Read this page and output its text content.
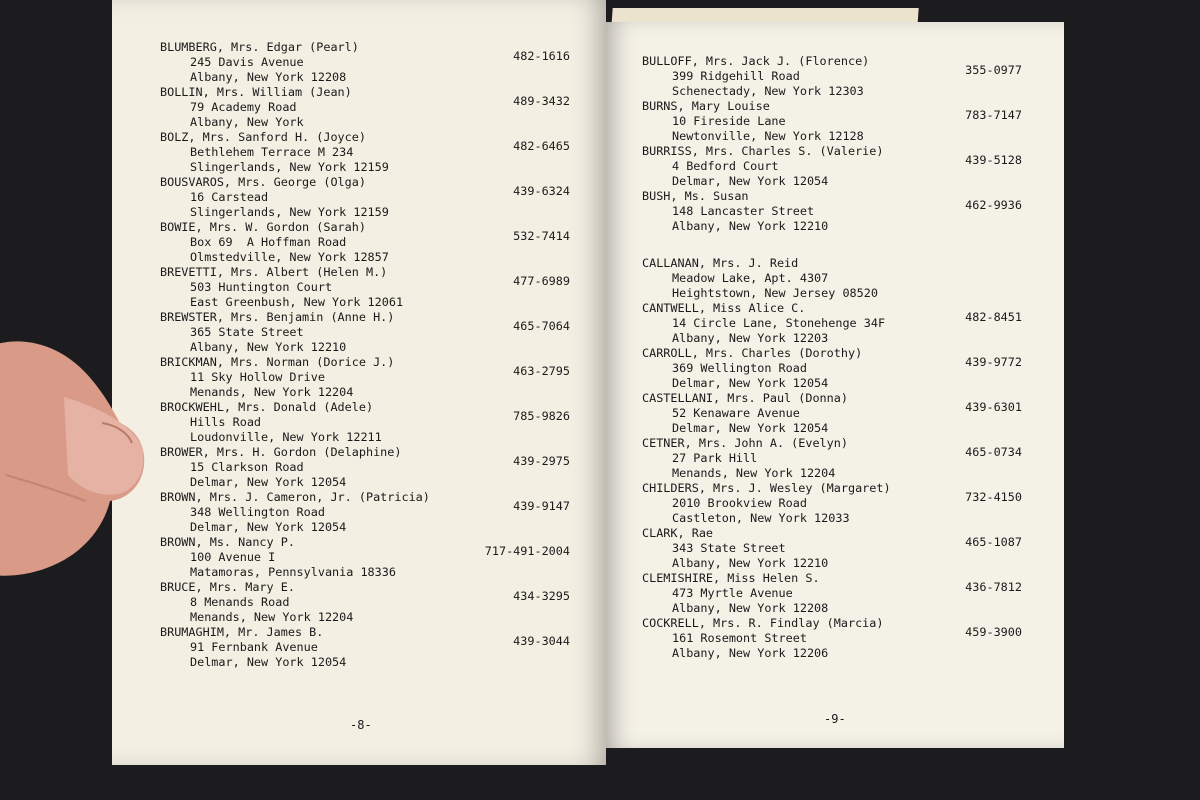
BLUMBERG, Mrs. Edgar (Pearl)
245 Davis Avenue
Albany, New York 12208
482-1616
BOLLIN, Mrs. William (Jean)
79 Academy Road
Albany, New York
489-3432
BOLZ, Mrs. Sanford H. (Joyce)
Bethlehem Terrace M 234
Slingerlands, New York 12159
482-6465
BOUSVAROS, Mrs. George (Olga)
16 Carstead
Slingerlands, New York 12159
439-6324
BOWIE, Mrs. W. Gordon (Sarah)
Box 69  A Hoffman Road
Olmstedville, New York 12857
532-7414
BREVETTI, Mrs. Albert (Helen M.)
503 Huntington Court
East Greenbush, New York 12061
477-6989
BREWSTER, Mrs. Benjamin (Anne H.)
365 State Street
Albany, New York 12210
465-7064
BRICKMAN, Mrs. Norman (Dorice J.)
11 Sky Hollow Drive
Menands, New York 12204
463-2795
BROCKWEHL, Mrs. Donald (Adele)
Hills Road
Loudonville, New York 12211
785-9826
BROWER, Mrs. H. Gordon (Delaphine)
15 Clarkson Road
Delmar, New York 12054
439-2975
BROWN, Mrs. J. Cameron, Jr. (Patricia)
348 Wellington Road
Delmar, New York 12054
439-9147
BROWN, Ms. Nancy P.
100 Avenue I
Matamoras, Pennsylvania 18336
717-491-2004
BRUCE, Mrs. Mary E.
8 Menands Road
Menands, New York 12204
434-3295
BRUMAGHIM, Mr. James B.
91 Fernbank Avenue
Delmar, New York 12054
439-3044
-8-
BULLOFF, Mrs. Jack J. (Florence)
399 Ridgehill Road
Schenectady, New York 12303
355-0977
BURNS, Mary Louise
10 Fireside Lane
Newtonville, New York 12128
783-7147
BURRISS, Mrs. Charles S. (Valerie)
4 Bedford Court
Delmar, New York 12054
439-5128
BUSH, Ms. Susan
148 Lancaster Street
Albany, New York 12210
462-9936
CALLANAN, Mrs. J. Reid
Meadow Lake, Apt. 4307
Heightstown, New Jersey 08520
CANTWELL, Miss Alice C.
14 Circle Lane, Stonehenge 34F
Albany, New York 12203
482-8451
CARROLL, Mrs. Charles (Dorothy)
369 Wellington Road
Delmar, New York 12054
439-9772
CASTELLANI, Mrs. Paul (Donna)
52 Kenaware Avenue
Delmar, New York 12054
439-6301
CETNER, Mrs. John A. (Evelyn)
27 Park Hill
Menands, New York 12204
465-0734
CHILDERS, Mrs. J. Wesley (Margaret)
2010 Brookview Road
Castleton, New York 12033
732-4150
CLARK, Rae
343 State Street
Albany, New York 12210
465-1087
CLEMISHIRE, Miss Helen S.
473 Myrtle Avenue
Albany, New York 12208
436-7812
COCKRELL, Mrs. R. Findlay (Marcia)
161 Rosemont Street
Albany, New York 12206
459-3900
-9-
